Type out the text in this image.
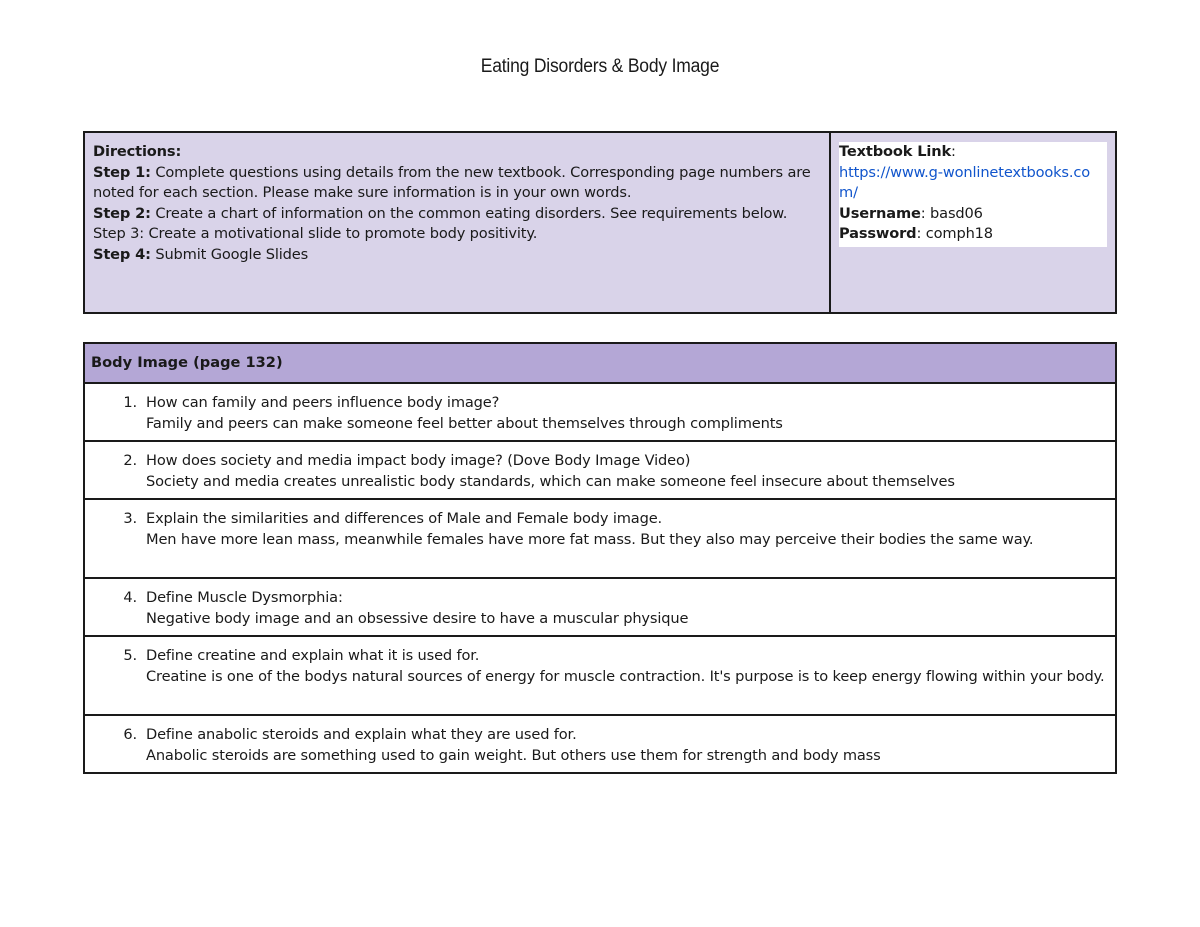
Eating Disorders & Body Image
Directions:
Step 1: Complete questions using details from the new textbook. Corresponding page numbers are noted for each section. Please make sure information is in your own words.
Step 2: Create a chart of information on the common eating disorders. See requirements below.
Step 3: Create a motivational slide to promote body positivity.
Step 4: Submit Google Slides
Textbook Link:
https://www.g-wonlinetextbooks.com/
Username: basd06
Password: comph18
Body Image (page 132)
1. How can family and peers influence body image?
Family and peers can make someone feel better about themselves through compliments
2. How does society and media impact body image? (Dove Body Image Video)
Society and media creates unrealistic body standards, which can make someone feel insecure about themselves
3. Explain the similarities and differences of Male and Female body image.
Men have more lean mass, meanwhile females have more fat mass. But they also may perceive their bodies the same way.
4. Define Muscle Dysmorphia:
Negative body image and an obsessive desire to have a muscular physique
5. Define creatine and explain what it is used for.
Creatine is one of the bodys natural sources of energy for muscle contraction. It's purpose is to keep energy flowing within your body.
6. Define anabolic steroids and explain what they are used for.
Anabolic steroids are something used to gain weight. But others use them for strength and body mass
